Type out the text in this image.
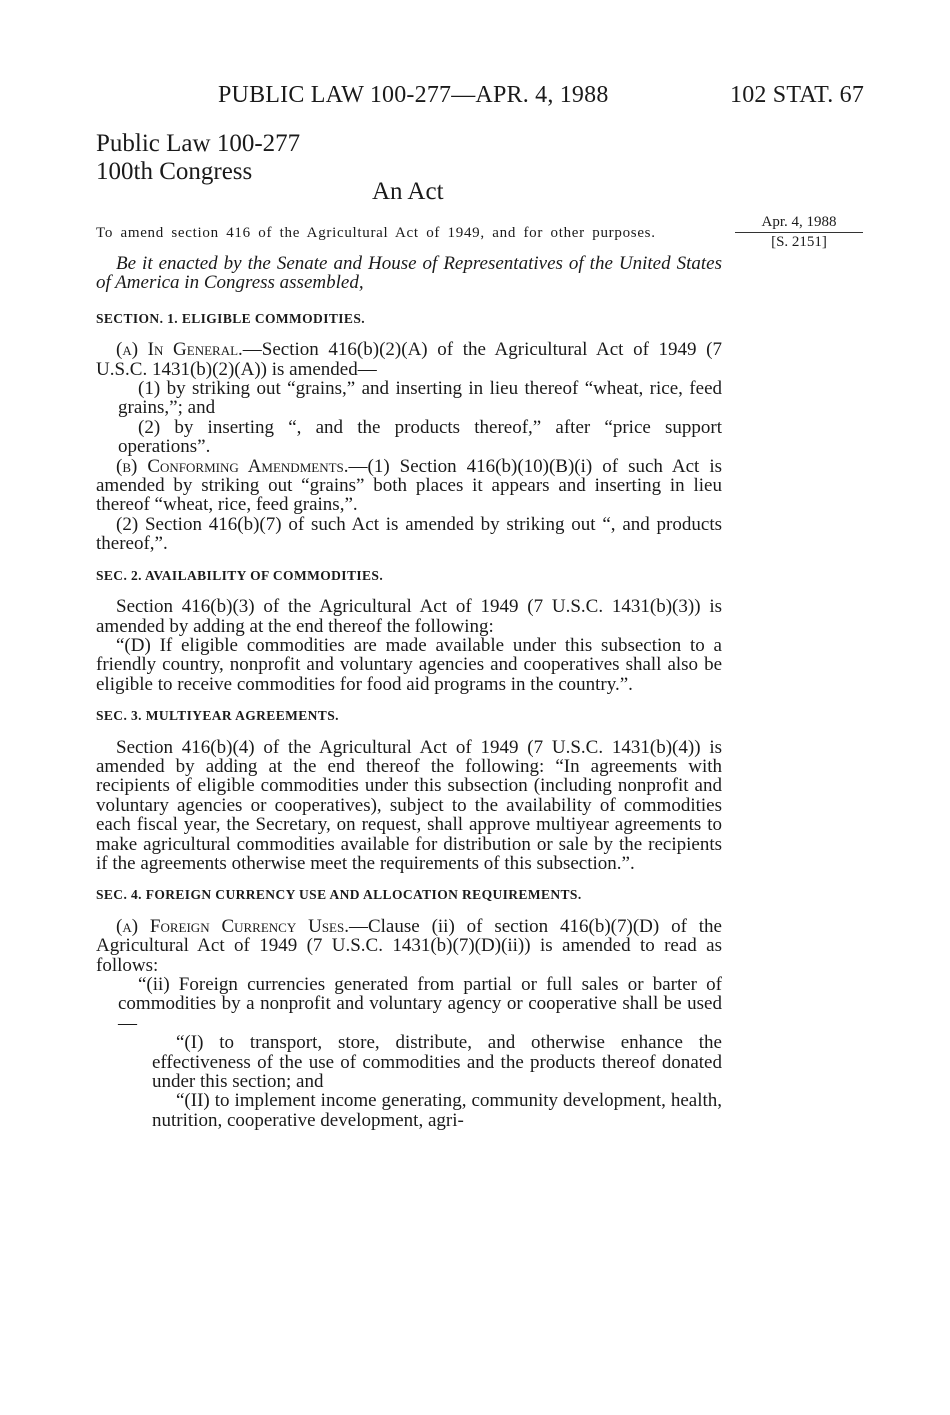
PUBLIC LAW 100-277—APR. 4, 1988	102 STAT. 67
Public Law 100-277
100th Congress
An Act
To amend section 416 of the Agricultural Act of 1949, and for other purposes.
Apr. 4, 1988
[S. 2151]

Be it enacted by the Senate and House of Representatives of the United States of America in Congress assembled,

SECTION. 1. ELIGIBLE COMMODITIES.

(a) In General.—Section 416(b)(2)(A) of the Agricultural Act of 1949 (7 U.S.C. 1431(b)(2)(A)) is amended—

(1) by striking out “grains,” and inserting in lieu thereof “wheat, rice, feed grains,”; and

(2) by inserting “, and the products thereof,” after “price support operations”.

(b) Conforming Amendments.—(1) Section 416(b)(10)(B)(i) of such Act is amended by striking out “grains” both places it appears and inserting in lieu thereof “wheat, rice, feed grains,”.

(2) Section 416(b)(7) of such Act is amended by striking out “, and products thereof,”.

SEC. 2. AVAILABILITY OF COMMODITIES.

Section 416(b)(3) of the Agricultural Act of 1949 (7 U.S.C. 1431(b)(3)) is amended by adding at the end thereof the following:

“(D) If eligible commodities are made available under this subsection to a friendly country, nonprofit and voluntary agencies and cooperatives shall also be eligible to receive commodities for food aid programs in the country.”.

SEC. 3. MULTIYEAR AGREEMENTS.

Section 416(b)(4) of the Agricultural Act of 1949 (7 U.S.C. 1431(b)(4)) is amended by adding at the end thereof the following: “In agreements with recipients of eligible commodities under this subsection (including nonprofit and voluntary agencies or cooperatives), subject to the availability of commodities each fiscal year, the Secretary, on request, shall approve multiyear agreements to make agricultural commodities available for distribution or sale by the recipients if the agreements otherwise meet the requirements of this subsection.”.

SEC. 4. FOREIGN CURRENCY USE AND ALLOCATION REQUIREMENTS.

(a) Foreign Currency Uses.—Clause (ii) of section 416(b)(7)(D) of the Agricultural Act of 1949 (7 U.S.C. 1431(b)(7)(D)(ii)) is amended to read as follows:

“(ii) Foreign currencies generated from partial or full sales or barter of commodities by a nonprofit and voluntary agency or cooperative shall be used—

“(I) to transport, store, distribute, and otherwise enhance the effectiveness of the use of commodities and the products thereof donated under this section; and

“(II) to implement income generating, community development, health, nutrition, cooperative development, agri-
